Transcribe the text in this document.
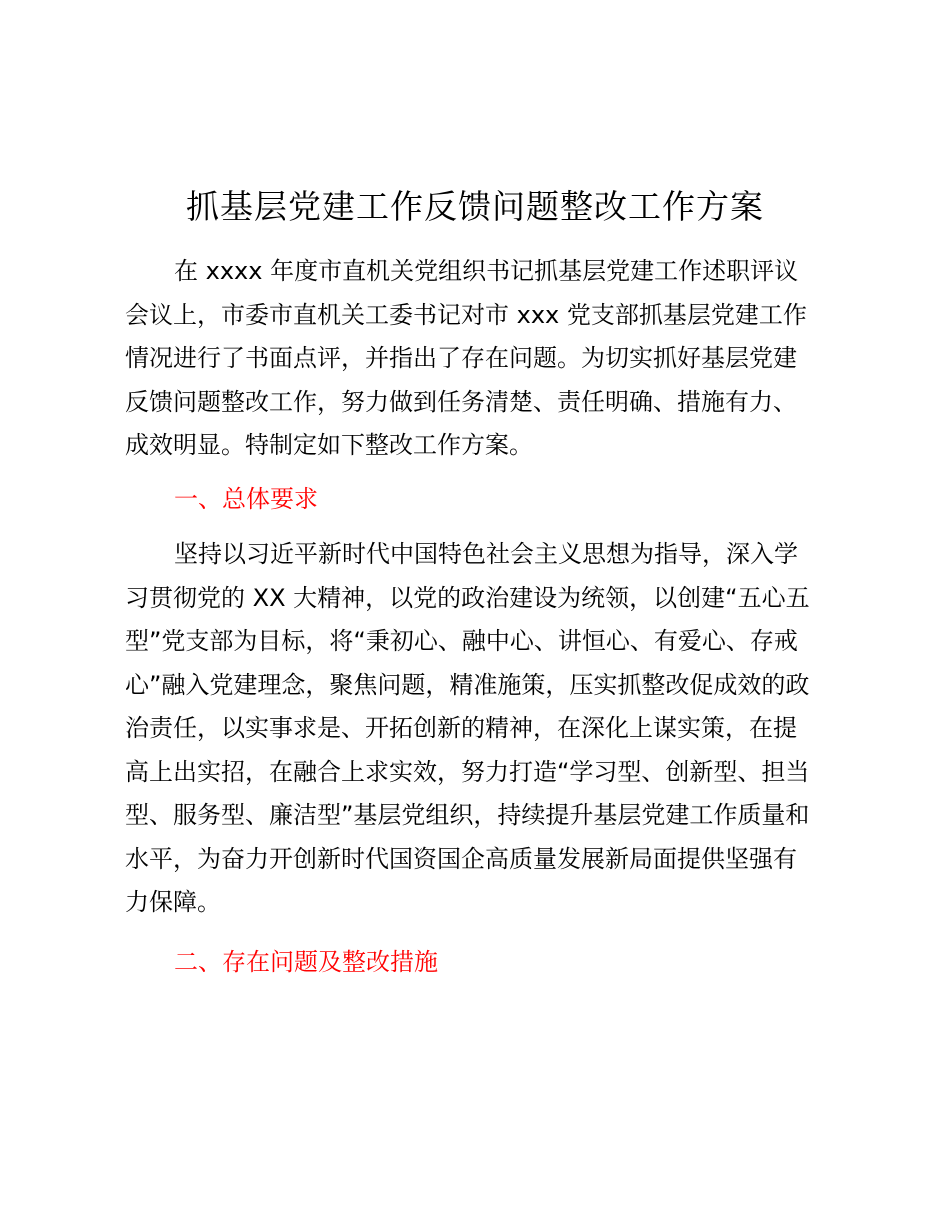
抓基层党建工作反馈问题整改工作方案
在 xxxx 年度市直机关党组织书记抓基层党建工作述职评议
会议上，市委市直机关工委书记对市 xxx 党支部抓基层党建工作
情况进行了书面点评，并指出了存在问题。为切实抓好基层党建
反馈问题整改工作，努力做到任务清楚、责任明确、措施有力、
成效明显。特制定如下整改工作方案。
一、总体要求
坚持以习近平新时代中国特色社会主义思想为指导，深入学
习贯彻党的 XX 大精神，以党的政治建设为统领，以创建“五心五
型”党支部为目标，将“秉初心、融中心、讲恒心、有爱心、存戒
心”融入党建理念，聚焦问题，精准施策，压实抓整改促成效的政
治责任，以实事求是、开拓创新的精神，在深化上谋实策，在提
高上出实招，在融合上求实效，努力打造“学习型、创新型、担当
型、服务型、廉洁型”基层党组织，持续提升基层党建工作质量和
水平，为奋力开创新时代国资国企高质量发展新局面提供坚强有
力保障。
二、存在问题及整改措施
